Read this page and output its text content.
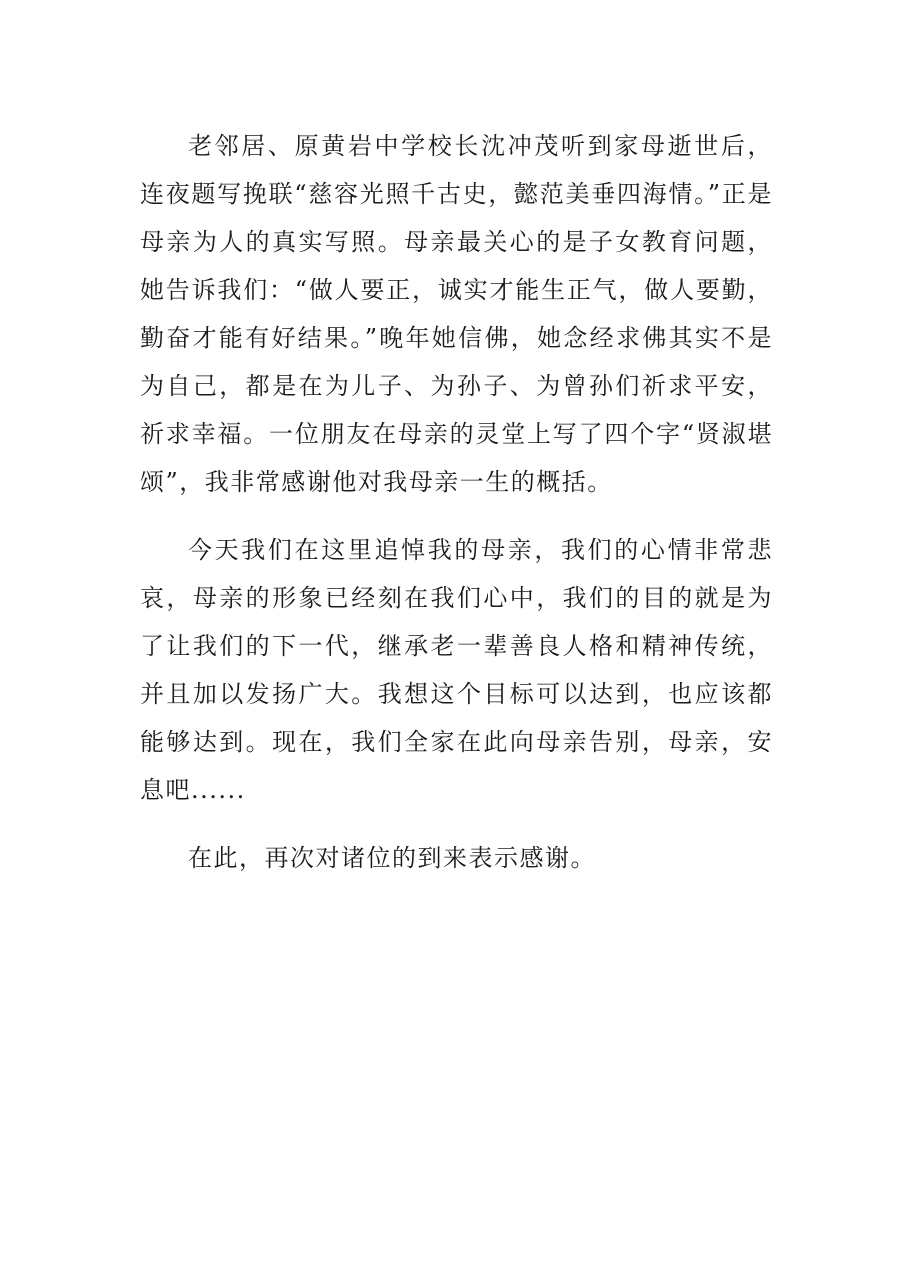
老邻居、原黄岩中学校长沈冲茂听到家母逝世后，连夜题写挽联“慈容光照千古史，懿范美垂四海情。”正是母亲为人的真实写照。母亲最关心的是子女教育问题，她告诉我们：“做人要正，诚实才能生正气，做人要勤，勤奋才能有好结果。”晚年她信佛，她念经求佛其实不是为自己，都是在为儿子、为孙子、为曾孙们祈求平安，祈求幸福。一位朋友在母亲的灵堂上写了四个字“贤淑堪颂”，我非常感谢他对我母亲一生的概括。

今天我们在这里追悼我的母亲，我们的心情非常悲哀，母亲的形象已经刻在我们心中，我们的目的就是为了让我们的下一代，继承老一辈善良人格和精神传统，并且加以发扬广大。我想这个目标可以达到，也应该都能够达到。现在，我们全家在此向母亲告别，母亲，安息吧......

在此，再次对诸位的到来表示感谢。
